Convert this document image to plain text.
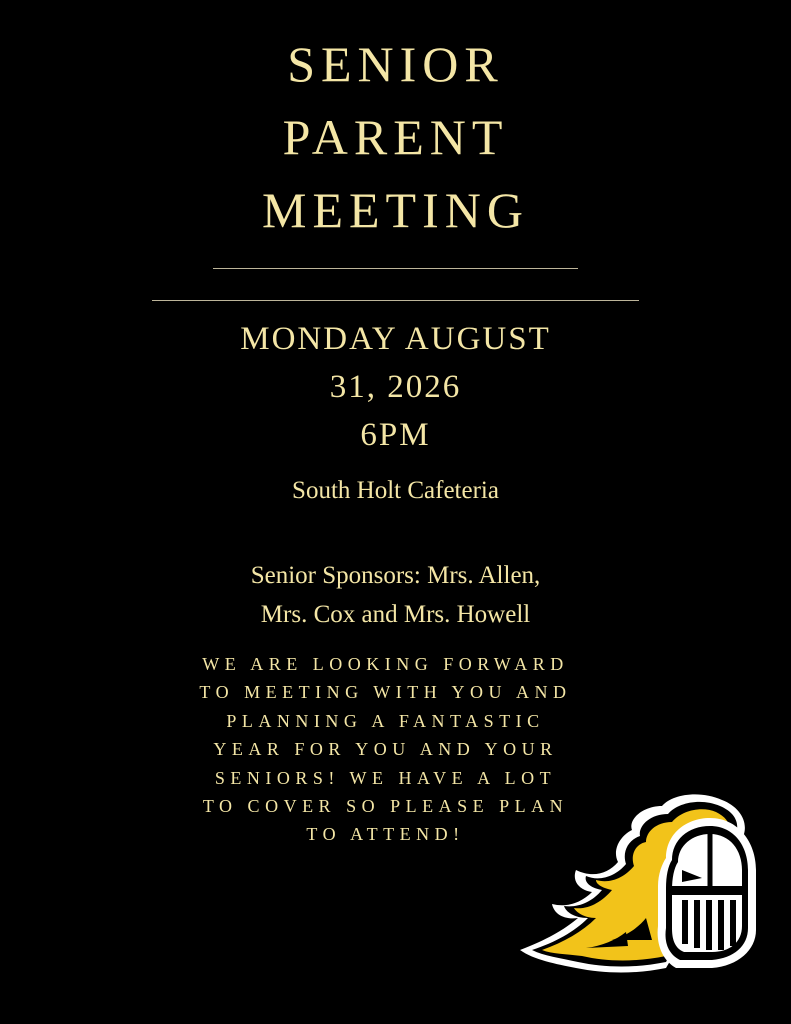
SENIOR
PARENT
MEETING
MONDAY AUGUST
31, 2026
6PM
South Holt Cafeteria
Senior Sponsors: Mrs. Allen,
Mrs. Cox and Mrs. Howell
WE ARE LOOKING FORWARD
TO MEETING WITH YOU AND
PLANNING A FANTASTIC
YEAR FOR YOU AND YOUR
SENIORS! WE HAVE A LOT
TO COVER SO PLEASE PLAN
TO ATTEND!
